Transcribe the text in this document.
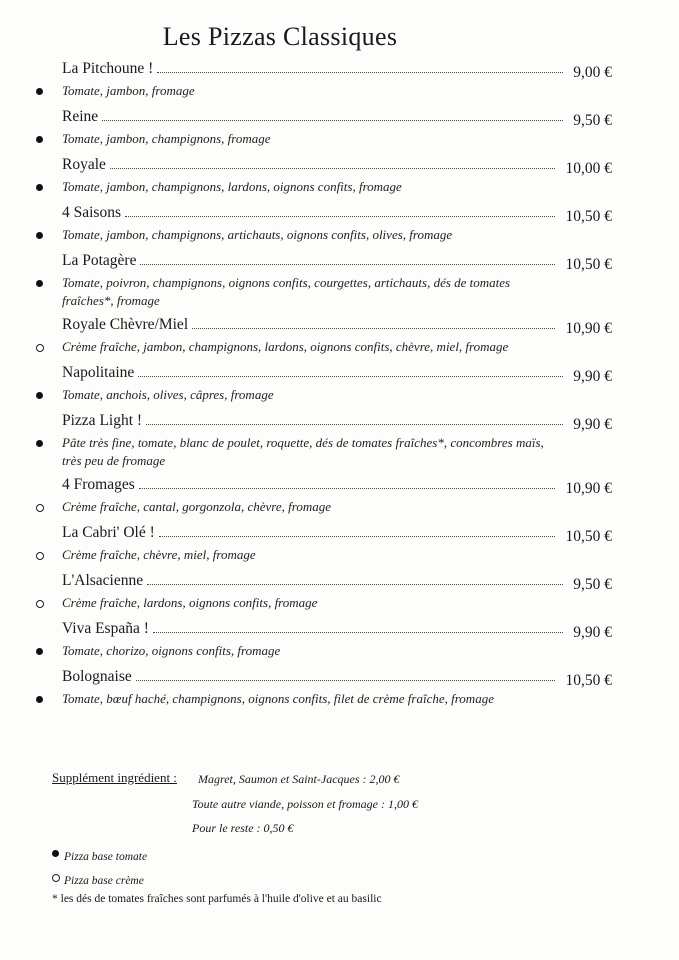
Les Pizzas Classiques
La Pitchoune !	9,00 €
Tomate, jambon, fromage
Reine	9,50 €
Tomate, jambon, champignons, fromage
Royale	10,00 €
Tomate, jambon, champignons, lardons, oignons confits, fromage
4 Saisons	10,50 €
Tomate, jambon, champignons, artichauts, oignons confits, olives, fromage
La Potagère	10,50 €
Tomate, poivron, champignons, oignons confits, courgettes, artichauts, dés de tomates fraîches*, fromage
Royale Chèvre/Miel	10,90 €
Crème fraîche, jambon, champignons, lardons, oignons confits, chèvre, miel, fromage
Napolitaine	9,90 €
Tomate, anchois, olives, câpres, fromage
Pizza Light !	9,90 €
Pâte très fine, tomate, blanc de poulet, roquette, dés de tomates fraîches*, concombres maïs, très peu de fromage
4 Fromages	10,90 €
Crème fraîche, cantal, gorgonzola, chèvre, fromage
La Cabri' Olé !	10,50 €
Crème fraîche, chèvre, miel, fromage
L'Alsacienne	9,50 €
Crème fraîche, lardons, oignons confits, fromage
Viva España !	9,90 €
Tomate, chorizo, oignons confits, fromage
Bolognaise	10,50 €
Tomate, bœuf haché, champignons, oignons confits, filet de crème fraîche, fromage
Supplément ingrédient : Magret, Saumon et Saint-Jacques : 2,00 €
Toute autre viande, poisson et fromage : 1,00 €
Pour le reste : 0,50 €
Pizza base tomate
Pizza base crème
* les dés de tomates fraîches sont parfumés à l'huile d'olive et au basilic
